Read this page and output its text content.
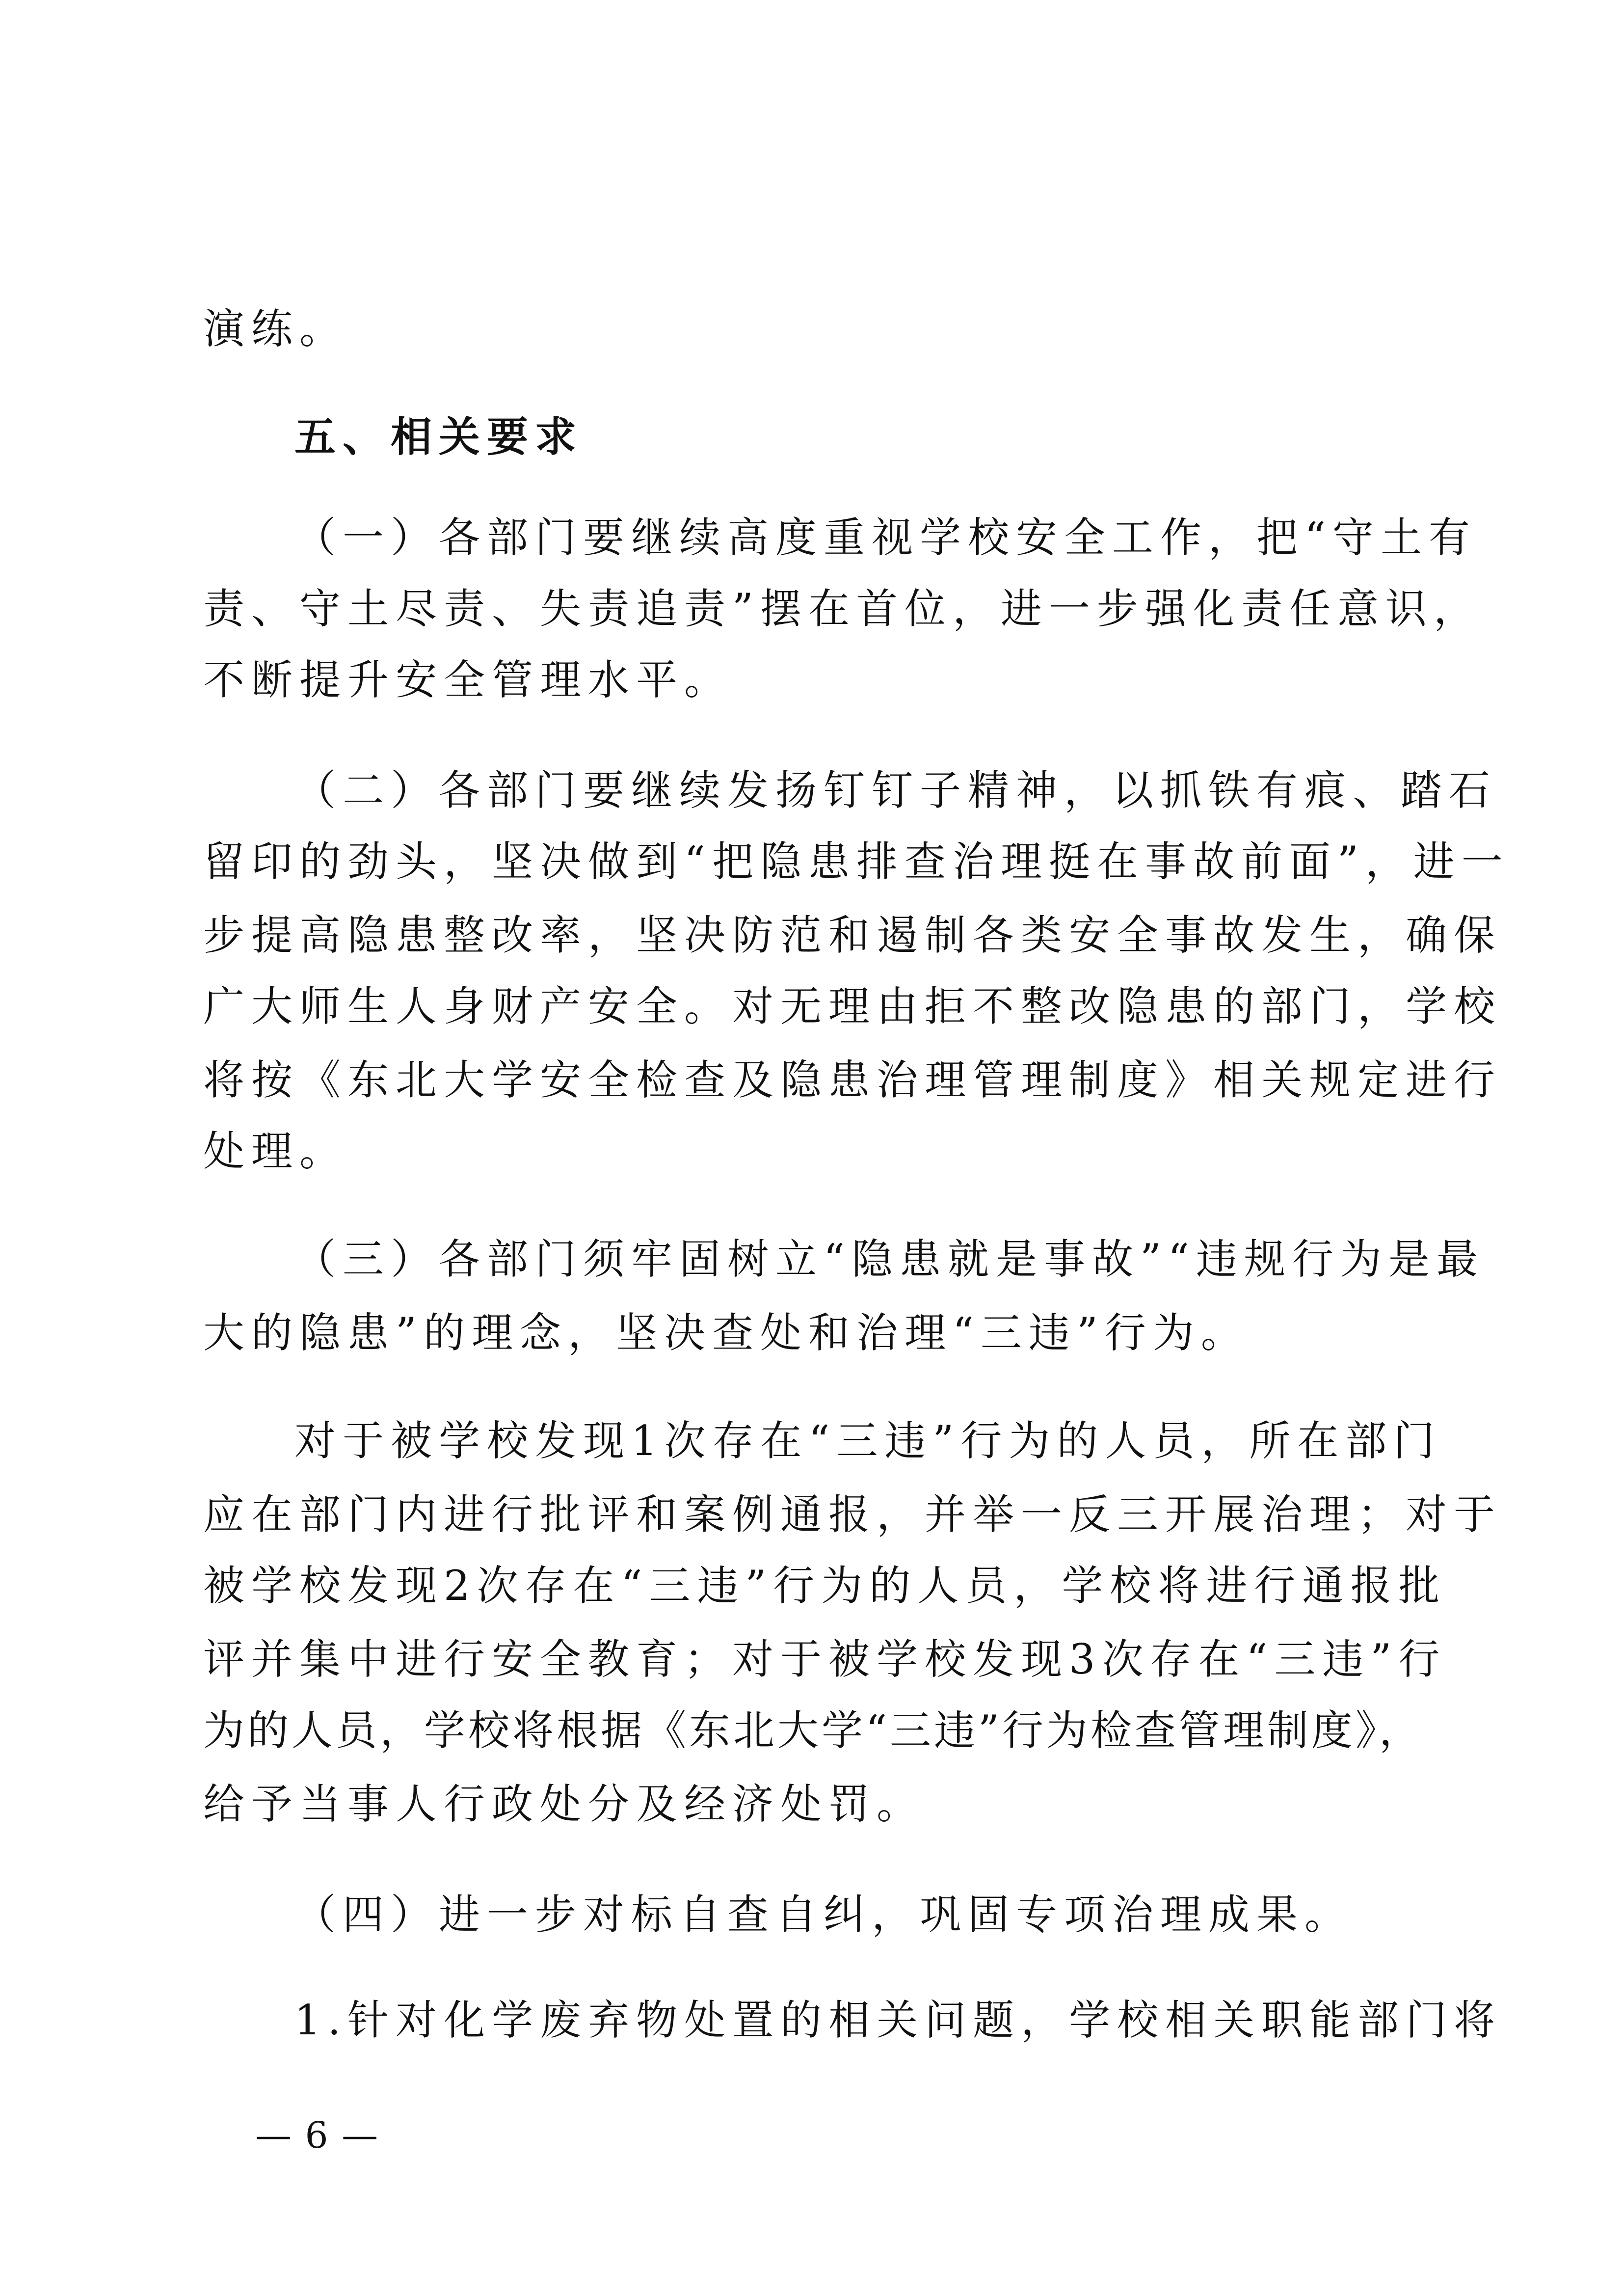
演练。
五、相关要求
（一）各部门要继续高度重视学校安全工作，把“守土有
责、守土尽责、失责追责”摆在首位，进一步强化责任意识，
不断提升安全管理水平。
（二）各部门要继续发扬钉钉子精神，以抓铁有痕、踏石
留印的劲头，坚决做到“把隐患排查治理挺在事故前面”，进一
步提高隐患整改率，坚决防范和遏制各类安全事故发生，确保
广大师生人身财产安全。对无理由拒不整改隐患的部门，学校
将按《东北大学安全检查及隐患治理管理制度》相关规定进行
处理。
（三）各部门须牢固树立“隐患就是事故”“违规行为是最
大的隐患”的理念，坚决查处和治理“三违”行为。
对于被学校发现1次存在“三违”行为的人员，所在部门
应在部门内进行批评和案例通报，并举一反三开展治理；对于
被学校发现2次存在“三违”行为的人员，学校将进行通报批
评并集中进行安全教育；对于被学校发现3次存在“三违”行
为的人员，学校将根据《东北大学“三违”行为检查管理制度》，
给予当事人行政处分及经济处罚。
（四）进一步对标自查自纠，巩固专项治理成果。
1.针对化学废弃物处置的相关问题，学校相关职能部门将
— 6 —
